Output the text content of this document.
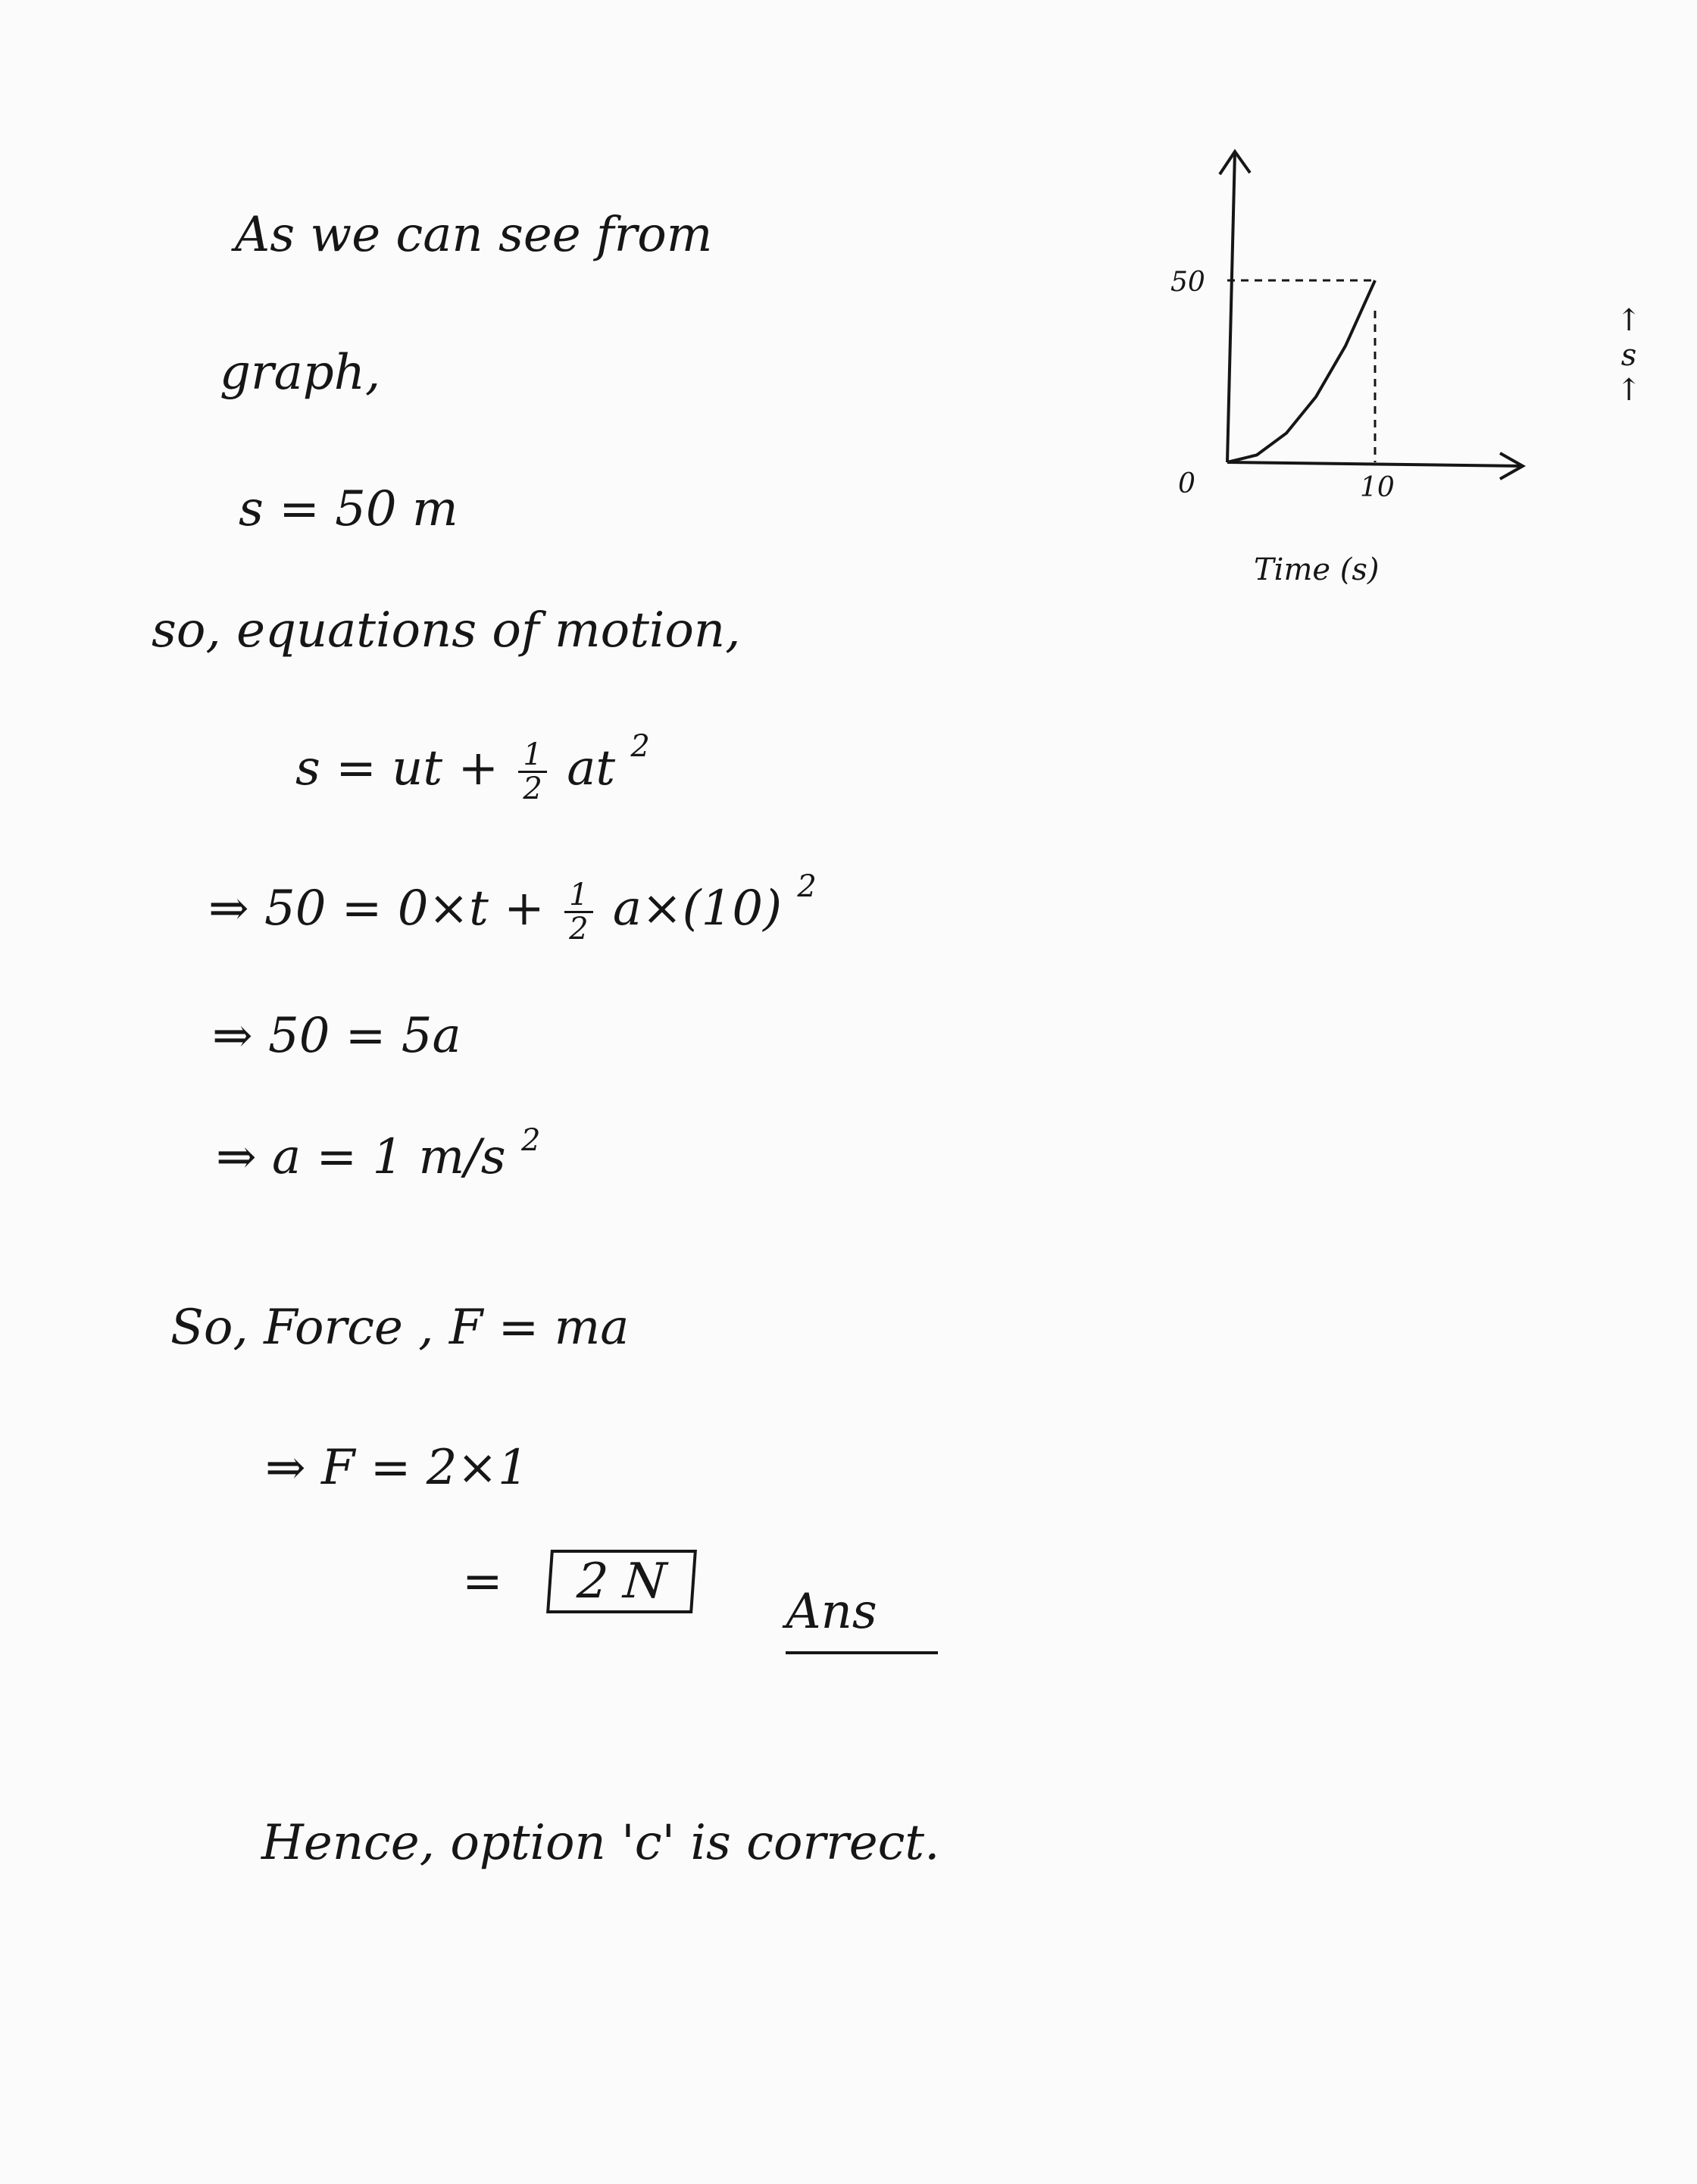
As we can see from
graph,
s = 50 m
so, equations of motion,
s = ut + $\frac{1}{2}$ at 2
⇒ $50 = 0\times t + \frac{1}{2} a\times(10)$ 2
⇒ 50 = 5a
⇒ a = 1 m/s 2
So, Force , F = ma
⇒ F = 2×1
= 2 N Ans
Hence, option 'c' is correct.
50
10
0
Time (s)
↑
s
↑
